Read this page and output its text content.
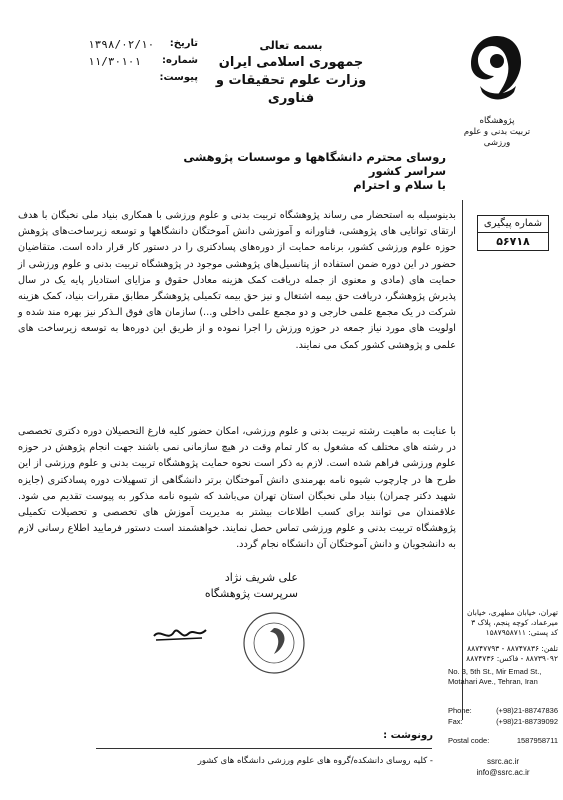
تاریخ:
۱۳۹۸/۰۲/۱۰
شماره:
۱۱/۳۰۱۰۱
پیوست:
بسمه تعالی
جمهوری اسلامی ایران
وزارت علوم تحقیقات و فناوری
پژوهشگاه
تربیت بدنی و علوم ورزشی
روسای محترم دانشگاهها و موسسات پژوهشی سراسر کشور
با سلام و احترام
شماره پیگیری
۵۶۷۱۸
بدینوسیله به استحضار می رساند پژوهشگاه تربیت بدنی و علوم ورزشی با همکاری بنیاد ملی نخبگان با هدف ارتقای توانایی های پژوهشی، فناورانه و آموزشی دانش آموختگان دانشگاهها و توسعه زیرساخت‌های پژوهش حوزه علوم ورزشی کشور، برنامه حمایت از دوره‌های پسادکتری را در دستور کار قرار داده است. متقاضیان حضور در این دوره ضمن استفاده از پتانسیل‌های پژوهشی موجود در پژوهشگاه تربیت بدنی و علوم ورزشی از حمایت های (مادی و معنوی از جمله دریافت کمک هزینه معادل حقوق و مزایای استادیار پایه یک در سال پذیرش پژوهشگر، دریافت حق بیمه اشتغال و نیز حق بیمه تکمیلی پژوهشگر مطابق مقررات بنیاد، کمک هزینه شرکت در یک مجمع علمی خارجی و دو مجمع علمی داخلی و...) سازمان های فوق الـذکر نیز بهره مند شده و اولویت های مورد نیاز جمعه در حوزه ورزش را اجرا نموده و از طریق این دوره‌ها به توسعه زیرساخت های علمی و پژوهشی کشور کمک می نمایند.
با عنایت به ماهیت رشته تربیت بدنی و علوم ورزشی، امکان حضور کلیه فارغ التحصیلان دوره دکتری تخصصی در رشته های مختلف که مشغول به کار تمام وقت در هیچ سازمانی نمی باشند جهت انجام پژوهش در حوزه علوم ورزشی فراهم شده است. لازم به ذکر است نحوه حمایت پژوهشگاه تربیت بدنی و علوم ورزشی از این طرح ها در چارچوب شیوه نامه بهرمندی دانش آموختگان برتر دانشگاهی از تسهیلات دوره پسادکتری (جایزه شهید دکتر چمران) بنیاد ملی نخبگان استان تهران می‌باشد که شیوه نامه مذکور به پیوست تقدیم می شود. علاقمندان می توانند برای کسب اطلاعات بیشتر به مدیریت آموزش های تخصصی و تحصیلات تکمیلی پژوهشگاه تربیت بدنی و علوم ورزشی تماس حصل نمایند. خواهشمند است دستور فرمایید اطلاع رسانی لازم به دانشجویان و دانش آموختگان آن دانشگاه نجام گردد.
علی شریف نژاد
سرپرست پژوهشگاه
تهران، خیابان مطهری، خیابان
میرعماد، کوچه پنجم، پلاک ۳
کد پستی: ۱۵۸۷۹۵۸۷۱۱
تلفن: ۸۸۷۴۷۸۳۶ - ۸۸۷۴۷۷۹۳
۸۸۷۳۹۰۹۲ - فاکس: ۸۸۷۴۷۳۶
No. 3, 5th St., Mir Emad St.,
Motahari Ave., Tehran, Iran
Phone:	(+98)21-88747836
Fax:	(+98)21-88739092
Postal code:	1587958711
ssrc.ac.ir
info@ssrc.ac.ir
رونوشت :
- کلیه روسای دانشکده/گروه های علوم ورزشی دانشگاه های کشور
